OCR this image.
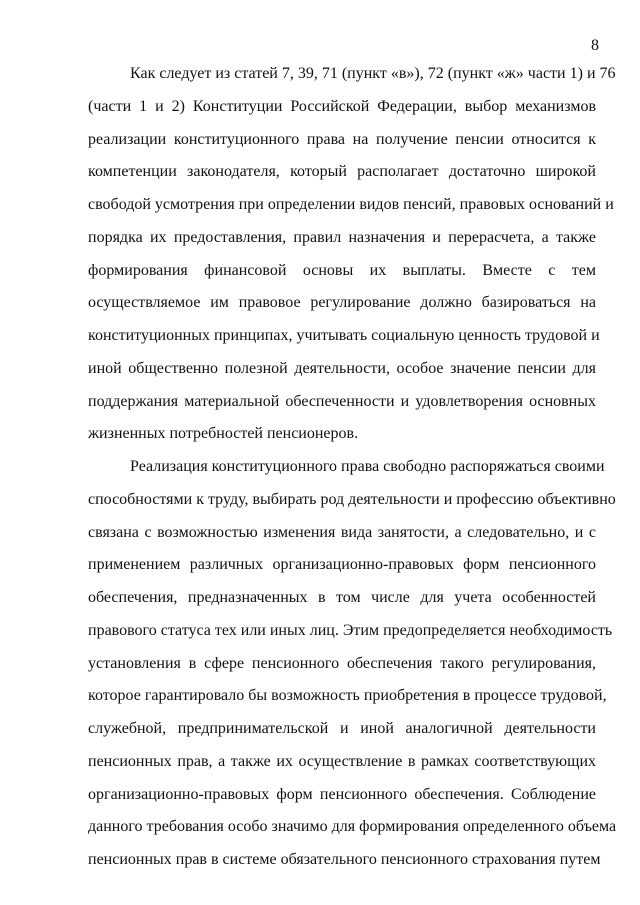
8
Как следует из статей 7, 39, 71 (пункт «в»), 72 (пункт «ж» части 1) и 76
(части 1 и 2) Конституции Российской Федерации, выбор механизмов
реализации конституционного права на получение пенсии относится к
компетенции законодателя, который располагает достаточно широкой
свободой усмотрения при определении видов пенсий, правовых оснований и
порядка их предоставления, правил назначения и перерасчета, а также
формирования финансовой основы их выплаты. Вместе с тем
осуществляемое им правовое регулирование должно базироваться на
конституционных принципах, учитывать социальную ценность трудовой и
иной общественно полезной деятельности, особое значение пенсии для
поддержания материальной обеспеченности и удовлетворения основных
жизненных потребностей пенсионеров.
Реализация конституционного права свободно распоряжаться своими
способностями к труду, выбирать род деятельности и профессию объективно
связана с возможностью изменения вида занятости, а следовательно, и с
применением различных организационно-правовых форм пенсионного
обеспечения, предназначенных в том числе для учета особенностей
правового статуса тех или иных лиц. Этим предопределяется необходимость
установления в сфере пенсионного обеспечения такого регулирования,
которое гарантировало бы возможность приобретения в процессе трудовой,
служебной, предпринимательской и иной аналогичной деятельности
пенсионных прав, а также их осуществление в рамках соответствующих
организационно-правовых форм пенсионного обеспечения. Соблюдение
данного требования особо значимо для формирования определенного объема
пенсионных прав в системе обязательного пенсионного страхования путем
